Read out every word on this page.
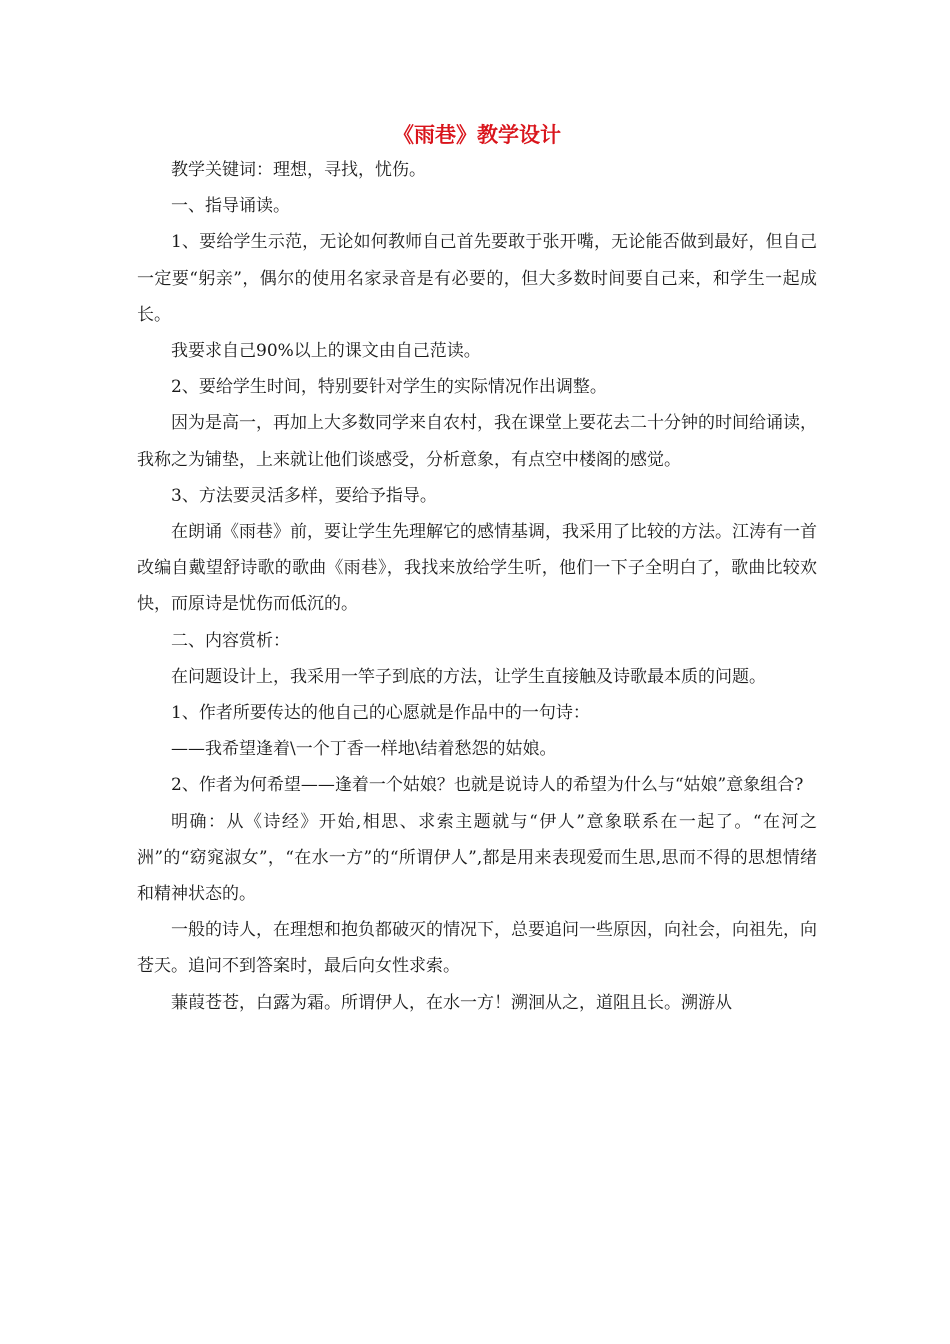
《雨巷》教学设计

教学关键词：理想，寻找，忧伤。

一、指导诵读。

1、要给学生示范，无论如何教师自己首先要敢于张开嘴，无论能否做到最好，但自己一定要“躬亲”，偶尔的使用名家录音是有必要的，但大多数时间要自己来，和学生一起成长。

我要求自己90%以上的课文由自己范读。

2、要给学生时间，特别要针对学生的实际情况作出调整。

因为是高一，再加上大多数同学来自农村，我在课堂上要花去二十分钟的时间给诵读，我称之为铺垫，上来就让他们谈感受，分析意象，有点空中楼阁的感觉。

3、方法要灵活多样，要给予指导。

在朗诵《雨巷》前，要让学生先理解它的感情基调，我采用了比较的方法。江涛有一首改编自戴望舒诗歌的歌曲《雨巷》，我找来放给学生听，他们一下子全明白了，歌曲比较欢快，而原诗是忧伤而低沉的。

二、内容赏析：

在问题设计上，我采用一竿子到底的方法，让学生直接触及诗歌最本质的问题。

1、作者所要传达的他自己的心愿就是作品中的一句诗：

——我希望逢着\一个丁香一样地\结着愁怨的姑娘。

2、作者为何希望——逢着一个姑娘？也就是说诗人的希望为什么与“姑娘”意象组合?

明确：从《诗经》开始,相思、求索主题就与“伊人”意象联系在一起了。“在河之洲”的“窈窕淑女”，“在水一方”的“所谓伊人”,都是用来表现爱而生思,思而不得的思想情绪和精神状态的。

一般的诗人，在理想和抱负都破灭的情况下，总要追问一些原因，向社会，向祖先，向苍天。追问不到答案时，最后向女性求索。

蒹葭苍苍，白露为霜。所谓伊人，在水一方！溯洄从之，道阻且长。溯游从
